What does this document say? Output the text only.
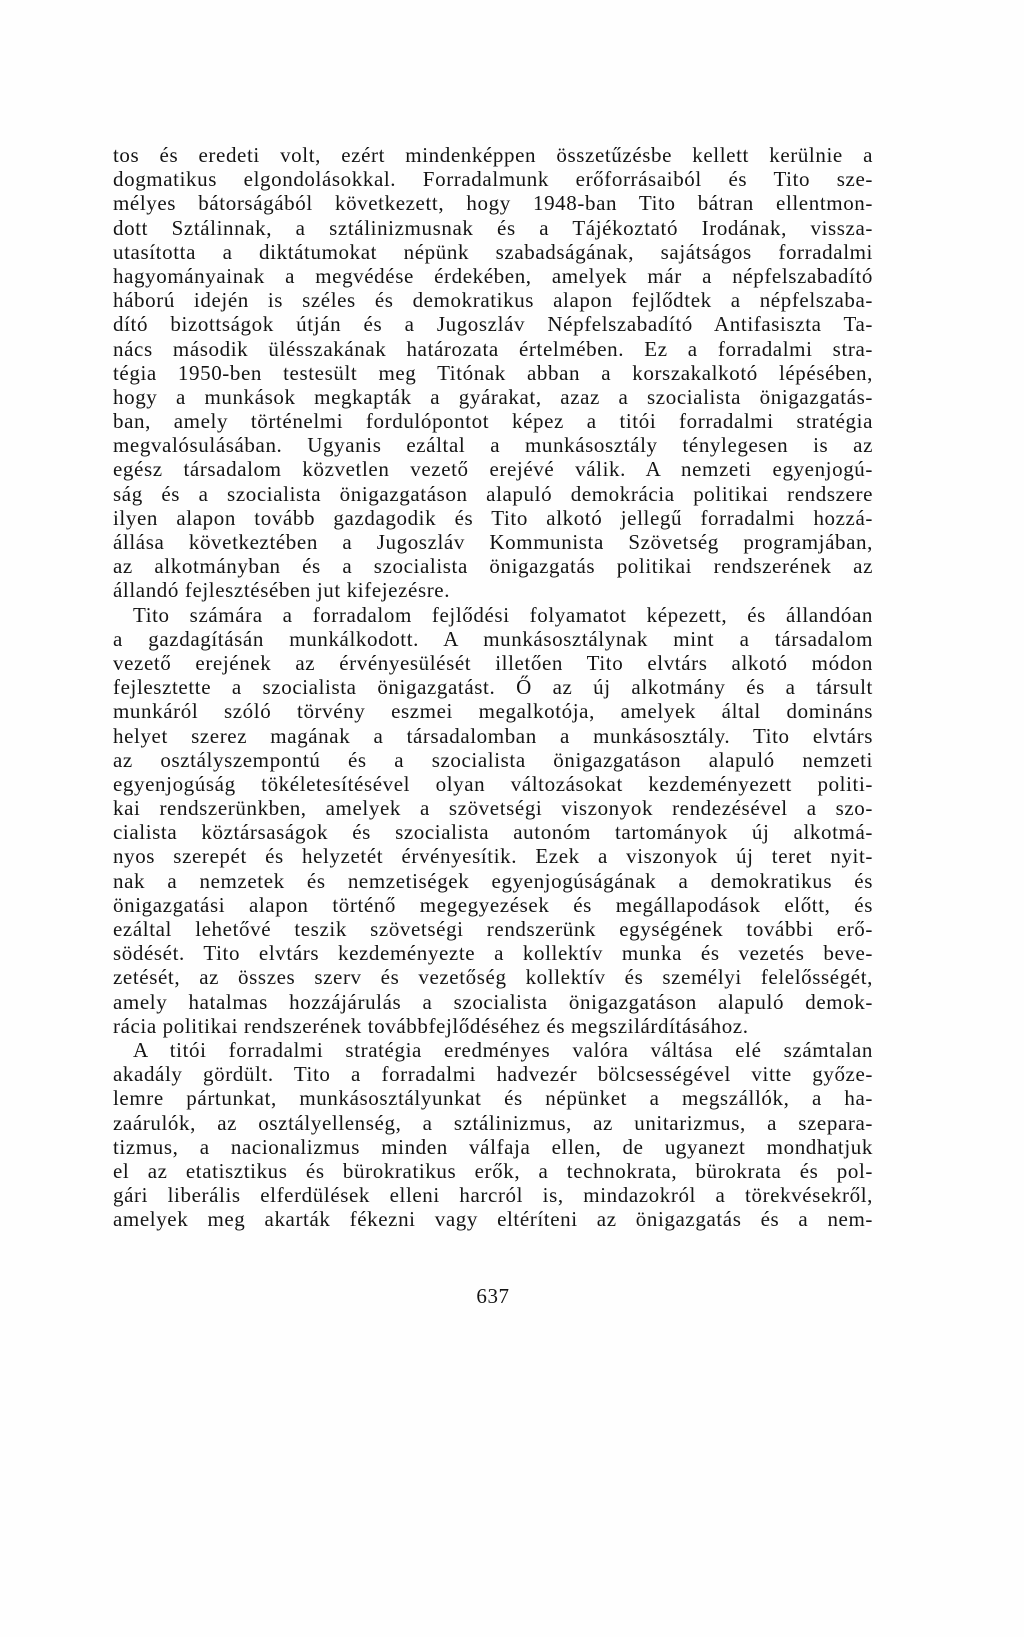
tos és eredeti volt, ezért mindenképpen összetűzésbe kellett kerülnie a
dogmatikus elgondolásokkal. Forradalmunk erőforrásaiból és Tito sze-
mélyes bátorságából következett, hogy 1948-ban Tito bátran ellentmon-
dott Sztálinnak, a sztálinizmusnak és a Tájékoztató Irodának, vissza-
utasította a diktátumokat népünk szabadságának, sajátságos forradalmi
hagyományainak a megvédése érdekében, amelyek már a népfelszabadító
háború idején is széles és demokratikus alapon fejlődtek a népfelszaba-
dító bizottságok útján és a Jugoszláv Népfelszabadító Antifasiszta Ta-
nács második ülésszakának határozata értelmében. Ez a forradalmi stra-
tégia 1950-ben testesült meg Titónak abban a korszakalkotó lépésében,
hogy a munkások megkapták a gyárakat, azaz a szocialista önigazgatás-
ban, amely történelmi fordulópontot képez a titói forradalmi stratégia
megvalósulásában. Ugyanis ezáltal a munkásosztály ténylegesen is az
egész társadalom közvetlen vezető erejévé válik. A nemzeti egyenjogú-
ság és a szocialista önigazgatáson alapuló demokrácia politikai rendszere
ilyen alapon tovább gazdagodik és Tito alkotó jellegű forradalmi hozzá-
állása következtében a Jugoszláv Kommunista Szövetség programjában,
az alkotmányban és a szocialista önigazgatás politikai rendszerének az
állandó fejlesztésében jut kifejezésre.
Tito számára a forradalom fejlődési folyamatot képezett, és állandóan
a gazdagításán munkálkodott. A munkásosztálynak mint a társadalom
vezető erejének az érvényesülését illetően Tito elvtárs alkotó módon
fejlesztette a szocialista önigazgatást. Ő az új alkotmány és a társult
munkáról szóló törvény eszmei megalkotója, amelyek által domináns
helyet szerez magának a társadalomban a munkásosztály. Tito elvtárs
az osztályszempontú és a szocialista önigazgatáson alapuló nemzeti
egyenjogúság tökéletesítésével olyan változásokat kezdeményezett politi-
kai rendszerünkben, amelyek a szövetségi viszonyok rendezésével a szo-
cialista köztársaságok és szocialista autonóm tartományok új alkotmá-
nyos szerepét és helyzetét érvényesítik. Ezek a viszonyok új teret nyit-
nak a nemzetek és nemzetiségek egyenjogúságának a demokratikus és
önigazgatási alapon történő megegyezések és megállapodások előtt, és
ezáltal lehetővé teszik szövetségi rendszerünk egységének további erő-
södését. Tito elvtárs kezdeményezte a kollektív munka és vezetés beve-
zetését, az összes szerv és vezetőség kollektív és személyi felelősségét,
amely hatalmas hozzájárulás a szocialista önigazgatáson alapuló demok-
rácia politikai rendszerének továbbfejlődéséhez és megszilárdításához.
A titói forradalmi stratégia eredményes valóra váltása elé számtalan
akadály gördült. Tito a forradalmi hadvezér bölcsességével vitte győze-
lemre pártunkat, munkásosztályunkat és népünket a megszállók, a ha-
zaárulók, az osztályellenség, a sztálinizmus, az unitarizmus, a szepara-
tizmus, a nacionalizmus minden válfaja ellen, de ugyanezt mondhatjuk
el az etatisztikus és bürokratikus erők, a technokrata, bürokrata és pol-
gári liberális elferdülések elleni harcról is, mindazokról a törekvésekről,
amelyek meg akarták fékezni vagy eltéríteni az önigazgatás és a nem-
637
